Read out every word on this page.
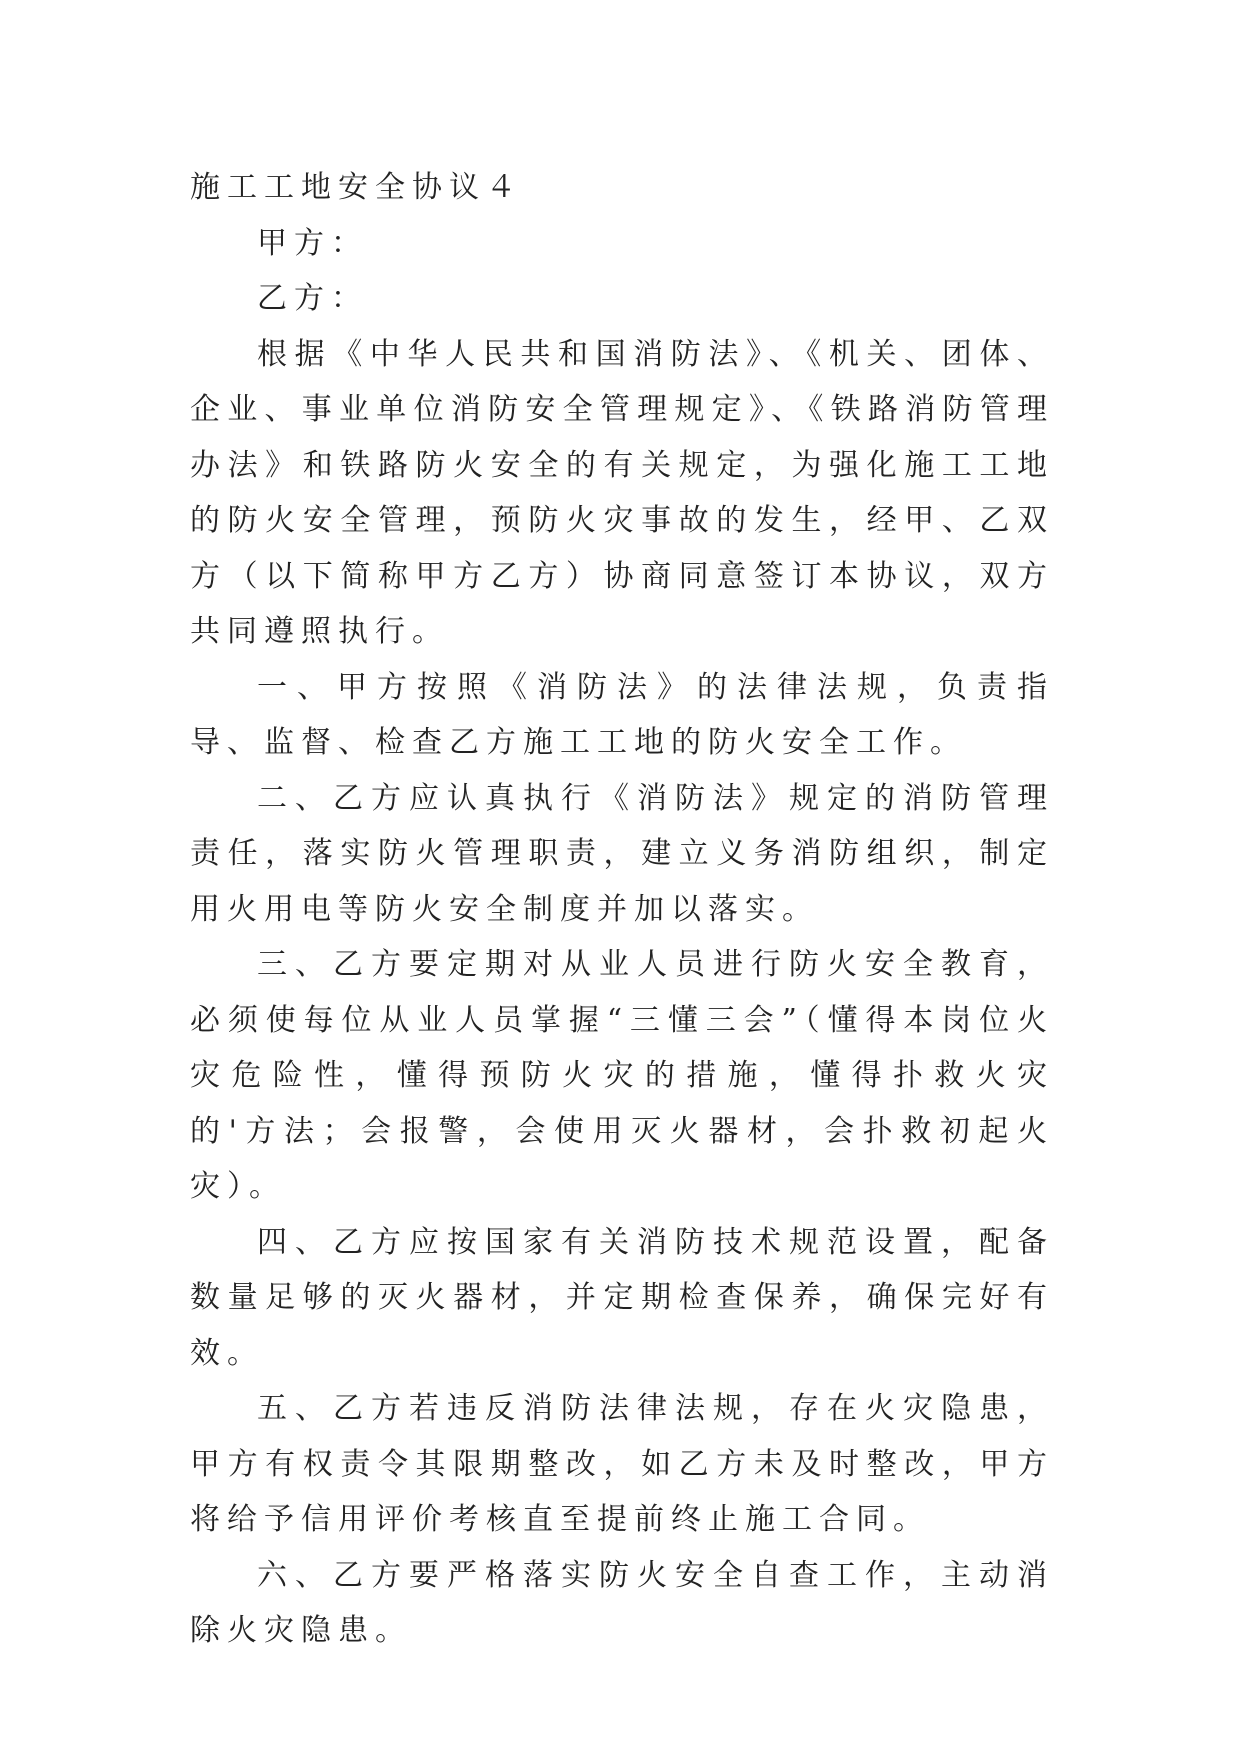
施工工地安全协议４

甲方：

乙方：

根据《中华人民共和国消防法》、《机关、团体、企业、事业单位消防安全管理规定》、《铁路消防管理办法》和铁路防火安全的有关规定，为强化施工工地的防火安全管理，预防火灾事故的发生，经甲、乙双方（以下简称甲方乙方）协商同意签订本协议，双方共同遵照执行。

一、甲方按照《消防法》的法律法规，负责指导、监督、检查乙方施工工地的防火安全工作。

二、乙方应认真执行《消防法》规定的消防管理责任，落实防火管理职责，建立义务消防组织，制定用火用电等防火安全制度并加以落实。

三、乙方要定期对从业人员进行防火安全教育，必须使每位从业人员掌握“三懂三会”（懂得本岗位火灾危险性，懂得预防火灾的措施，懂得扑救火灾的'方法；会报警，会使用灭火器材，会扑救初起火灾）。

四、乙方应按国家有关消防技术规范设置，配备数量足够的灭火器材，并定期检查保养，确保完好有效。

五、乙方若违反消防法律法规，存在火灾隐患，甲方有权责令其限期整改，如乙方未及时整改，甲方将给予信用评价考核直至提前终止施工合同。

六、乙方要严格落实防火安全自查工作，主动消除火灾隐患。
